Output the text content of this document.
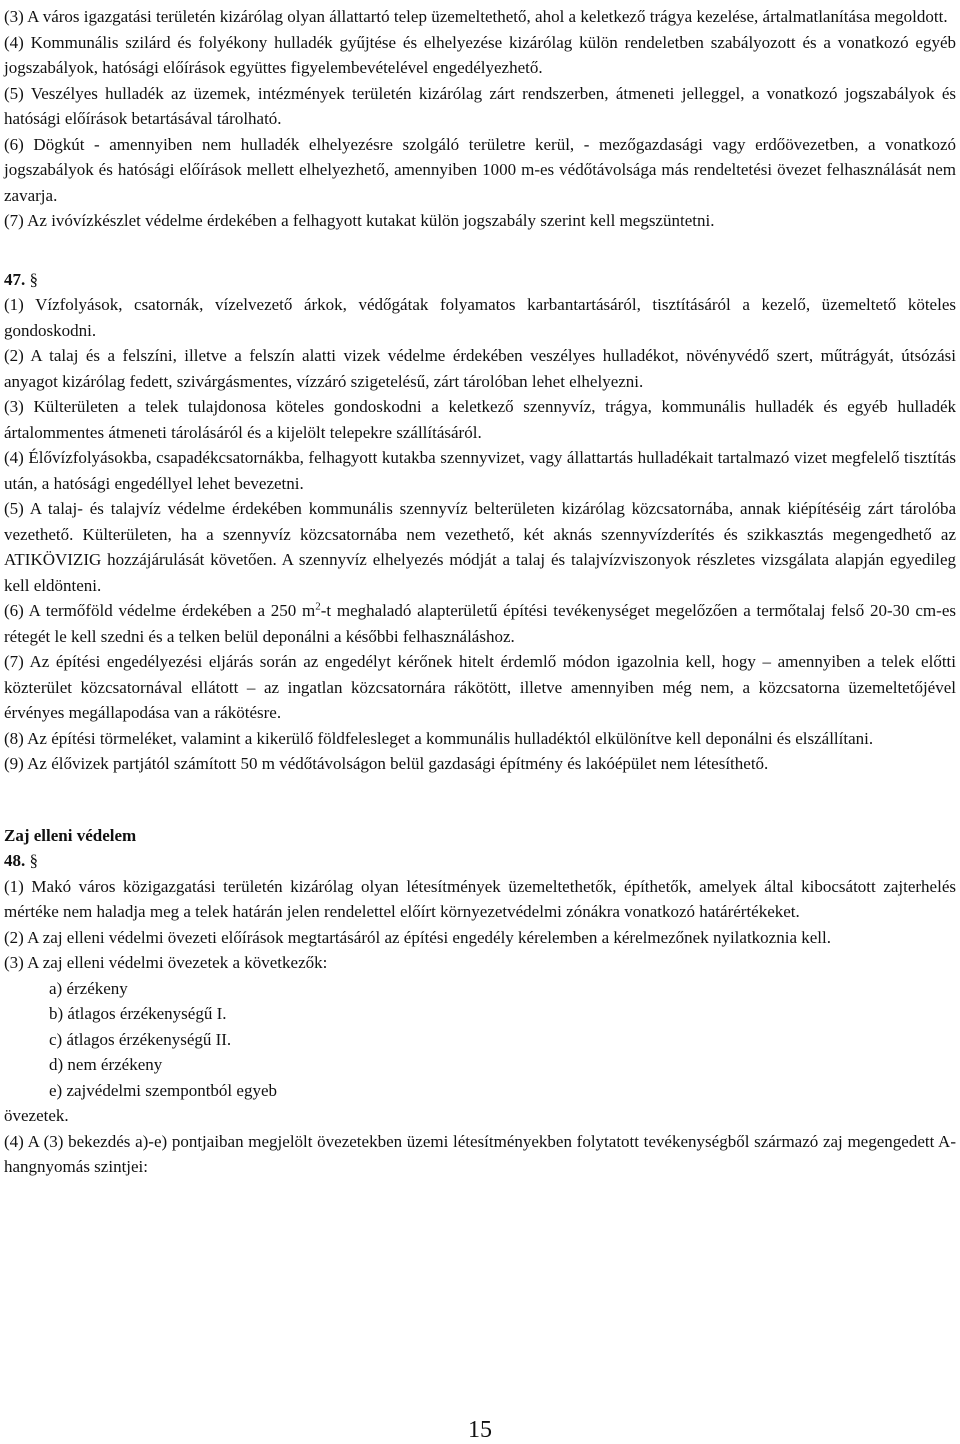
(3) A város igazgatási területén kizárólag olyan állattartó telep üzemeltethető, ahol a keletkező trágya kezelése, ártalmatlanítása megoldott.

(4) Kommunális szilárd és folyékony hulladék gyűjtése és elhelyezése kizárólag külön rendeletben szabályozott és a vonatkozó egyéb jogszabályok, hatósági előírások együttes figyelembevételével engedélyezhető.

(5) Veszélyes hulladék az üzemek, intézmények területén kizárólag zárt rendszerben, átmeneti jelleggel, a vonatkozó jogszabályok és hatósági előírások betartásával tárolható.

(6) Dögkút - amennyiben nem hulladék elhelyezésre szolgáló területre kerül, - mezőgazdasági vagy erdőövezetben, a vonatkozó jogszabályok és hatósági előírások mellett elhelyezhető, amennyiben 1000 m-es védőtávolsága más rendeltetési övezet felhasználását nem zavarja.

(7) Az ivóvízkészlet védelme érdekében a felhagyott kutakat külön jogszabály szerint kell megszüntetni.

47. §

(1) Vízfolyások, csatornák, vízelvezető árkok, védőgátak folyamatos karbantartásáról, tisztításáról a kezelő, üzemeltető köteles gondoskodni.

(2) A talaj és a felszíni, illetve a felszín alatti vizek védelme érdekében veszélyes hulladékot, növényvédő szert, műtrágyát, útsózási anyagot kizárólag fedett, szivárgásmentes, vízzáró szigetelésű, zárt tárolóban lehet elhelyezni.

(3) Külterületen a telek tulajdonosa köteles gondoskodni a keletkező szennyvíz, trágya, kommunális hulladék és egyéb hulladék ártalommentes átmeneti tárolásáról és a kijelölt telepekre szállításáról.

(4) Élővízfolyásokba, csapadékcsatornákba, felhagyott kutakba szennyvizet, vagy állattartás hulladékait tartalmazó vizet megfelelő tisztítás után, a hatósági engedéllyel lehet bevezetni.

(5) A talaj- és talajvíz védelme érdekében kommunális szennyvíz belterületen kizárólag közcsatornába, annak kiépítéséig zárt tárolóba vezethető. Külterületen, ha a szennyvíz közcsatornába nem vezethető, két aknás szennyvízderítés és szikkasztás megengedhető az ATIKÖVIZIG hozzájárulását követően. A szennyvíz elhelyezés módját a talaj és talajvízviszonyok részletes vizsgálata alapján egyedileg kell eldönteni.

(6) A termőföld védelme érdekében a 250 $m^2-t$ meghaladó alapterületű építési tevékenységet megelőzően a termőtalaj felső 20-30 cm-es rétegét le kell szedni és a telken belül deponálni a későbbi felhasználáshoz.

(7) Az építési engedélyezési eljárás során az engedélyt kérőnek hitelt érdemlő módon igazolnia kell, hogy – amennyiben a telek előtti közterület közcsatornával ellátott – az ingatlan közcsatornára rákötött, illetve amennyiben még nem, a közcsatorna üzemeltetőjével érvényes megállapodása van a rákötésre.

(8) Az építési törmeléket, valamint a kikerülő földfelesleget a kommunális hulladéktól elkülönítve kell deponálni és elszállítani.

(9) Az élővizek partjától számított 50 m védőtávolságon belül gazdasági építmény és lakóépület nem létesíthető.

Zaj elleni védelem

48. §

(1) Makó város közigazgatási területén kizárólag olyan létesítmények üzemeltethetők, építhetők, amelyek által kibocsátott zajterhelés mértéke nem haladja meg a telek határán jelen rendelettel előírt környezetvédelmi zónákra vonatkozó határértékeket.

(2) A zaj elleni védelmi övezeti előírások megtartásáról az építési engedély kérelemben a kérelmezőnek nyilatkoznia kell.

(3) A zaj elleni védelmi övezetek a következők:

a) érzékeny

b) átlagos érzékenységű I.

c) átlagos érzékenységű II.

d) nem érzékeny

e) zajvédelmi szempontból egyeb

övezetek.

(4) A (3) bekezdés a)-e) pontjaiban megjelölt övezetekben üzemi létesítményekben folytatott tevékenységből származó zaj megengedett A- hangnyomás szintjei:

15
